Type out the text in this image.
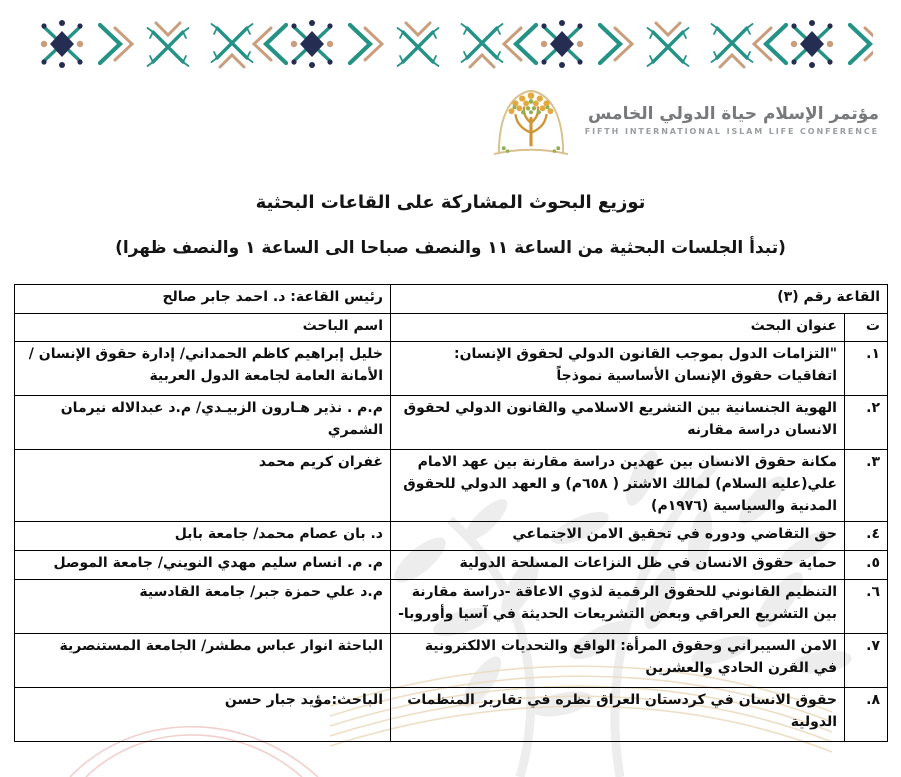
مؤتمر الإسلام حياة الدولي الخامس
FIFTH INTERNATIONAL ISLAM LIFE CONFERENCE
توزيع البحوث المشاركة على القاعات البحثية
(تبدأ الجلسات البحثية من الساعة ١١ والنصف صباحا الى الساعة ١ والنصف ظهرا)
القاعة رقم (٣)		رئيس القاعة: د. احمد جابر صالح
ت	عنوان البحث	اسم الباحث
١.	"التزامات الدول بموجب القانون الدولي لحقوق الإنسان: اتفاقيات حقوق الإنسان الأساسية نموذجاً	خليل إبراهيم كاظم الحمداني/ إدارة حقوق الإنسان / الأمانة العامة لجامعة الدول العربية
٢.	الهوية الجنسانية بين التشريع الاسلامي والقانون الدولي لحقوق الانسان دراسة مقارنه	م.م . نذير هـارون الزبيـدي/ م.د عبدالاله نيرمان الشمري
٣.	مكانة حقوق الانسان بين عهدين دراسة مقارنة بين عهد الامام علي(عليه السلام) لمالك الاشتر ( ٦٥٨م) و العهد الدولي للحقوق المدنية والسياسية (١٩٧٦م)	غفران كريم محمد
٤.	حق التقاضي ودوره في تحقيق الامن الاجتماعي	د. بان عصام محمد/ جامعة بابل
٥.	حماية حقوق الانسان في ظل النزاعات المسلحة الدولية	م. م. انسام سليم مهدي النويني/ جامعة الموصل
٦.	التنظيم القانوني للحقوق الرقمية لذوي الاعاقة -دراسة مقارنة بين التشريع العراقي وبعض التشريعات الحديثة في آسيا وأوروبا-	م.د علي حمزة جبر/ جامعة القادسية
٧.	الامن السيبراني وحقوق المرأة: الواقع والتحديات الالكترونية في القرن الحادي والعشرين	الباحثة انوار عباس مطشر/ الجامعة المستنصرية
٨.	حقوق الانسان في كردستان العراق نظره في تقارير المنظمات الدولية	الباحث:مؤيد جبار حسن
